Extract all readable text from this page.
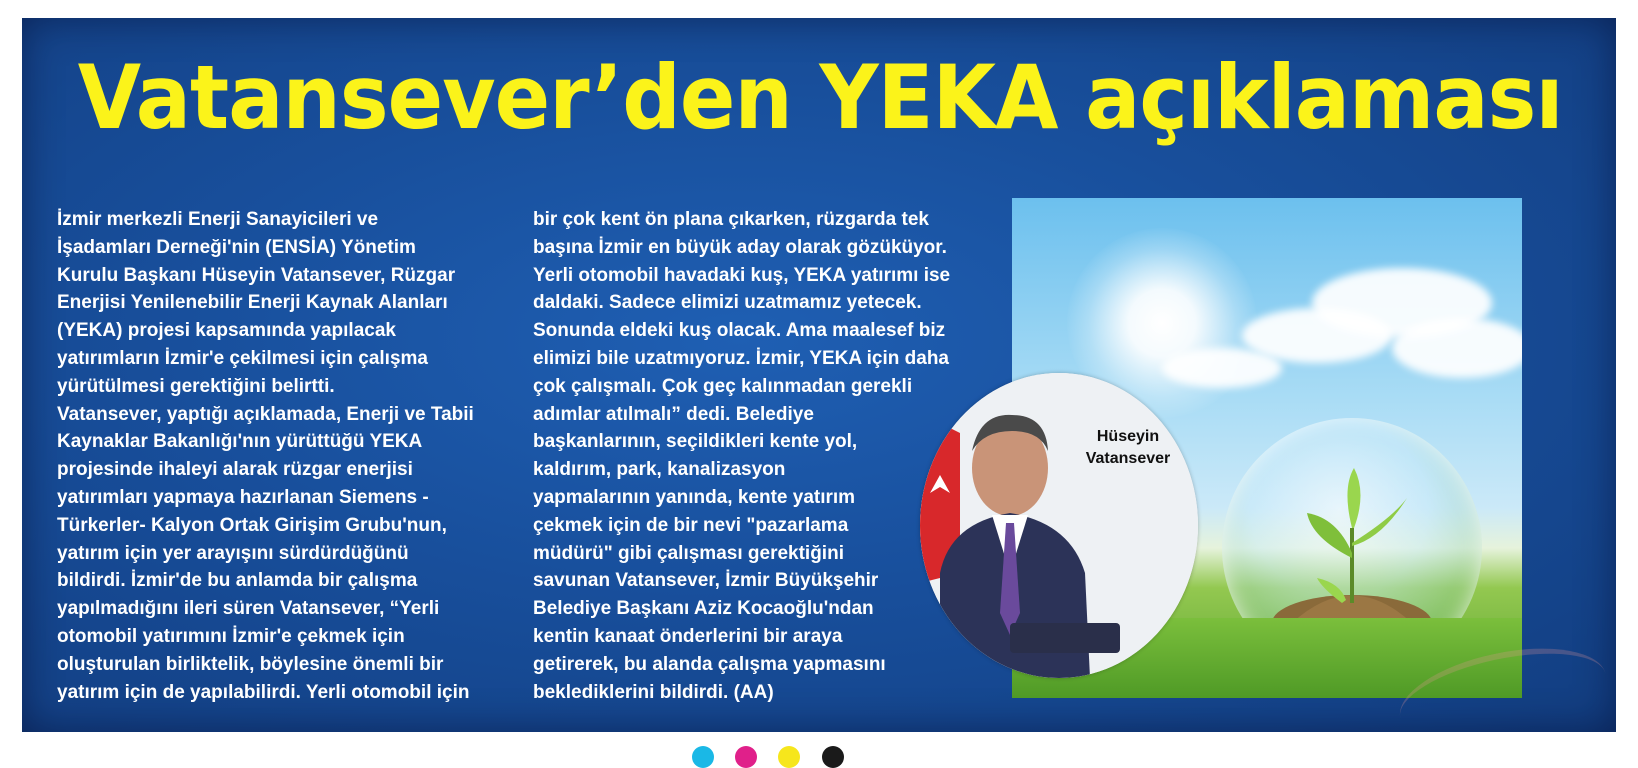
Vatansever’den YEKA açıklaması

İzmir merkezli Enerji Sanayicileri ve
İşadamları Derneği'nin (ENSİA) Yönetim
Kurulu Başkanı Hüseyin Vatansever, Rüzgar
Enerjisi Yenilenebilir Enerji Kaynak Alanları
(YEKA) projesi kapsamında yapılacak
yatırımların İzmir'e çekilmesi için çalışma
yürütülmesi gerektiğini belirtti.
Vatansever, yaptığı açıklamada, Enerji ve Tabii
Kaynaklar Bakanlığı'nın yürüttüğü YEKA
projesinde ihaleyi alarak rüzgar enerjisi
yatırımları yapmaya hazırlanan Siemens -
Türkerler- Kalyon Ortak Girişim Grubu'nun,
yatırım için yer arayışını sürdürdüğünü
bildirdi. İzmir'de bu anlamda bir çalışma
yapılmadığını ileri süren Vatansever, “Yerli
otomobil yatırımını İzmir'e çekmek için
oluşturulan birliktelik, böylesine önemli bir
yatırım için de yapılabilirdi. Yerli otomobil için

bir çok kent ön plana çıkarken, rüzgarda tek
başına İzmir en büyük aday olarak gözüküyor.
Yerli otomobil havadaki kuş, YEKA yatırımı ise
daldaki. Sadece elimizi uzatmamız yetecek.
Sonunda eldeki kuş olacak. Ama maalesef biz
elimizi bile uzatmıyoruz. İzmir, YEKA için daha
çok çalışmalı. Çok geç kalınmadan gerekli
adımlar atılmalı” dedi. Belediye
başkanlarının, seçildikleri kente yol,
kaldırım, park, kanalizasyon
yapmalarının yanında, kente yatırım
çekmek için de bir nevi "pazarlama
müdürü" gibi çalışması gerektiğini
savunan Vatansever, İzmir Büyükşehir
Belediye Başkanı Aziz Kocaoğlu'ndan
kentin kanaat önderlerini bir araya
getirerek, bu alanda çalışma yapmasını
beklediklerini bildirdi. (AA)

Hüseyin
Vatansever
